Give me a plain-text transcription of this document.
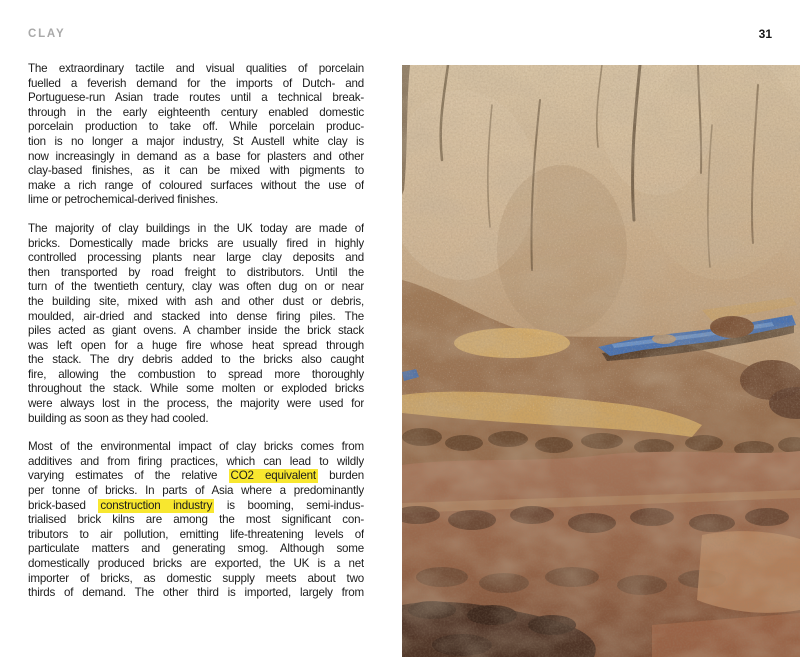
CLAY	31
The extraordinary tactile and visual qualities of porcelain
fuelled a feverish demand for the imports of Dutch- and
Portuguese-run Asian trade routes until a technical break-
through in the early eighteenth century enabled domestic
porcelain production to take off. While porcelain produc-
tion is no longer a major industry, St Austell white clay is
now increasingly in demand as a base for plasters and other
clay-based finishes, as it can be mixed with pigments to
make a rich range of coloured surfaces without the use of
lime or petrochemical-derived finishes.
The majority of clay buildings in the UK today are made of
bricks. Domestically made bricks are usually fired in highly
controlled processing plants near large clay deposits and
then transported by road freight to distributors. Until the
turn of the twentieth century, clay was often dug on or near
the building site, mixed with ash and other dust or debris,
moulded, air-dried and stacked into dense firing piles. The
piles acted as giant ovens. A chamber inside the brick stack
was left open for a huge fire whose heat spread through
the stack. The dry debris added to the bricks also caught
fire, allowing the combustion to spread more thoroughly
throughout the stack. While some molten or exploded bricks
were always lost in the process, the majority were used for
building as soon as they had cooled.
Most of the environmental impact of clay bricks comes from
additives and from firing practices, which can lead to wildly
varying estimates of the relative CO2 equivalent burden
per tonne of bricks. In parts of Asia where a predominantly
brick-based construction industry is booming, semi-indus-
trialised brick kilns are among the most significant con-
tributors to air pollution, emitting life-threatening levels of
particulate matters and generating smog. Although some
domestically produced bricks are exported, the UK is a net
importer of bricks, as domestic supply meets about two
thirds of demand. The other third is imported, largely from
